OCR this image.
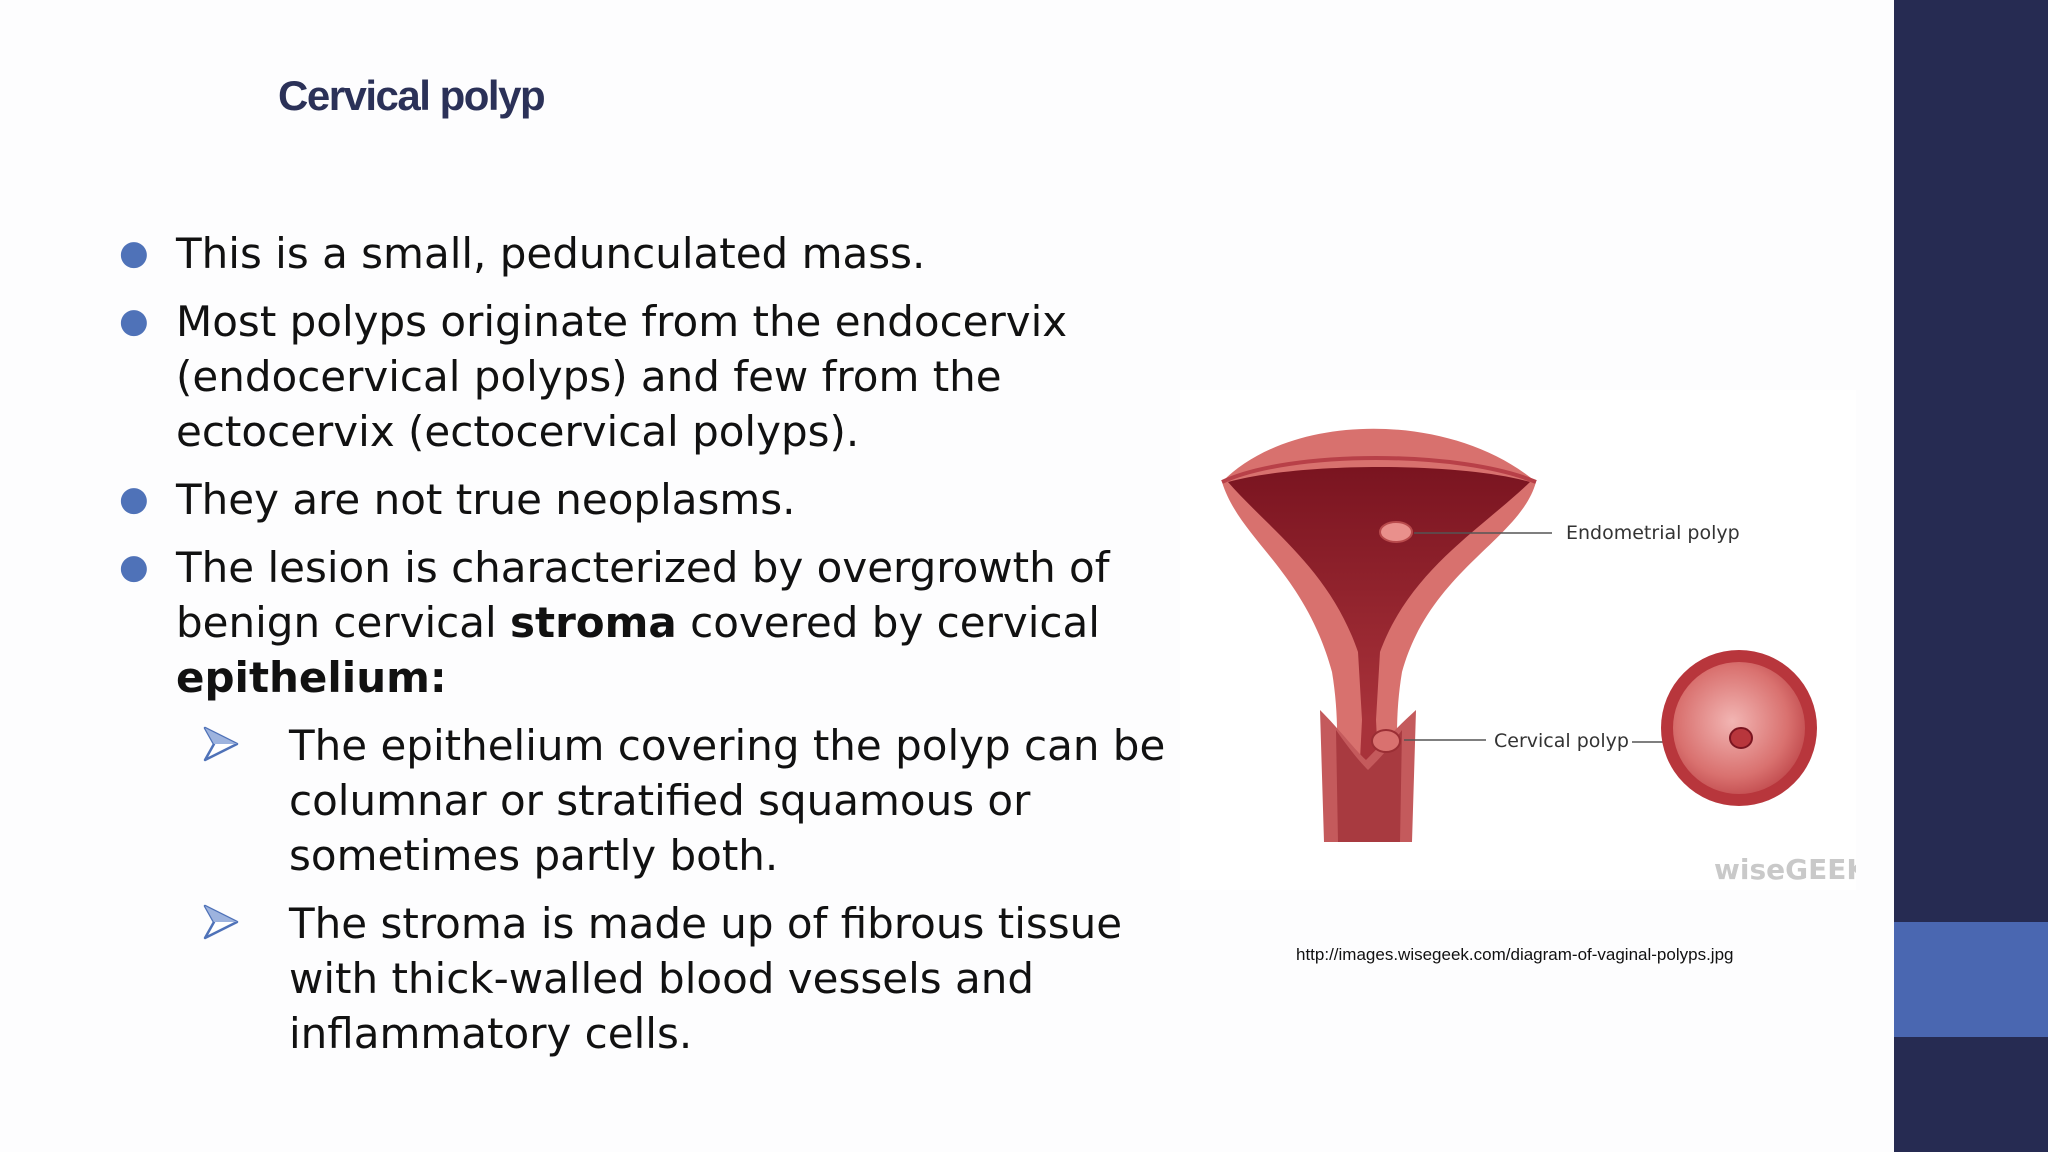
Cervical polyp
● This is a small, pedunculated mass.
● Most polyps originate from the endocervix (endocervical polyps) and few from the ectocervix (ectocervical polyps).
● They are not true neoplasms.
● The lesion is characterized by overgrowth of benign cervical stroma covered by cervical epithelium:
The epithelium covering the polyp can be columnar or stratified squamous or sometimes partly both.
The stroma is made up of fibrous tissue with thick-walled blood vessels and inflammatory cells.
Endometrial polyp
Cervical polyp
wiseGEEK
http://images.wisegeek.com/diagram-of-vaginal-polyps.jpg
